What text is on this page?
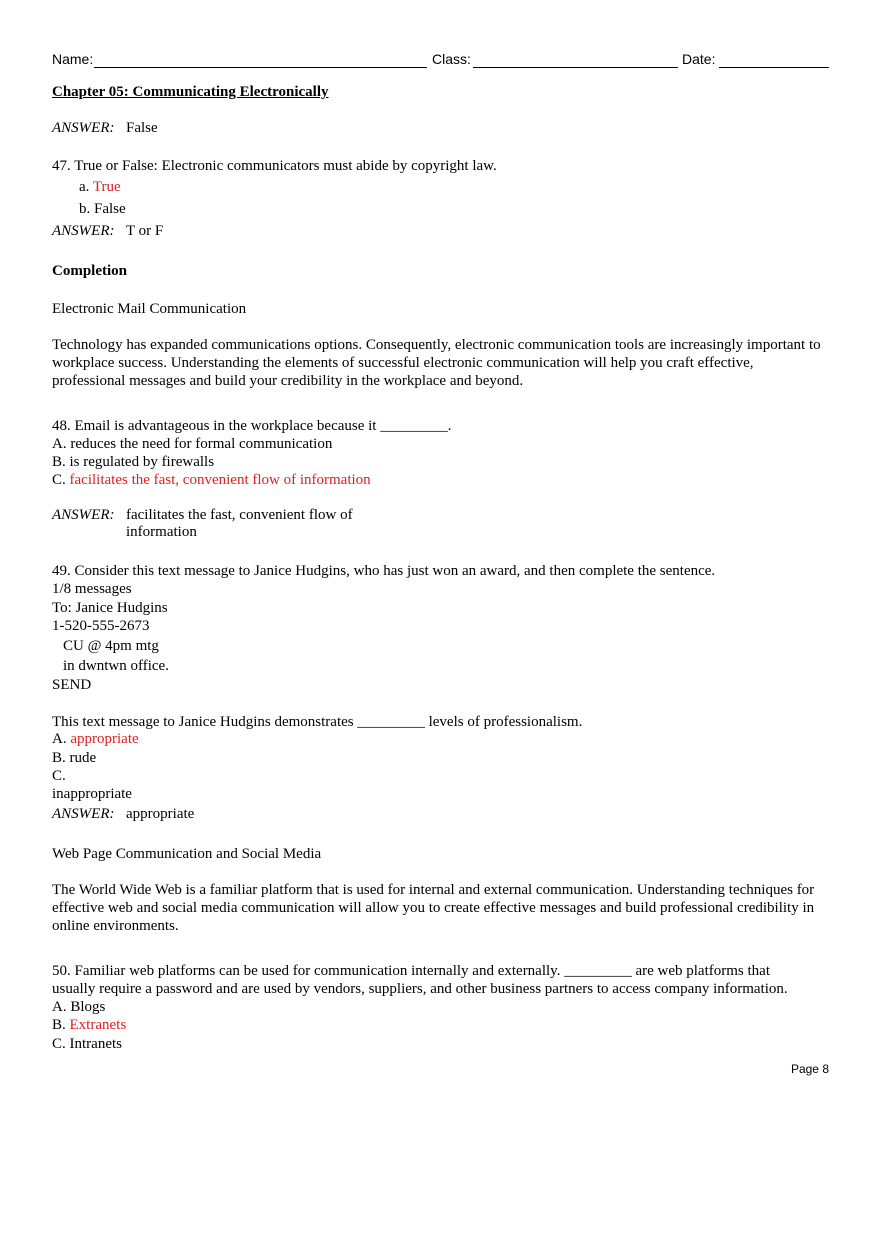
Name:	Class:	Date:
Chapter 05: Communicating Electronically
ANSWER: False
47. True or False: Electronic communicators must abide by copyright law.
a. True
b. False
ANSWER: T or F
Completion
Electronic Mail Communication
Technology has expanded communications options. Consequently, electronic communication tools are increasingly important to workplace success. Understanding the elements of successful electronic communication will help you craft effective, professional messages and build your credibility in the workplace and beyond.
48. Email is advantageous in the workplace because it _________.
A. reduces the need for formal communication
B. is regulated by firewalls
C. facilitates the fast, convenient flow of information
ANSWER: facilitates the fast, convenient flow of
information
49. Consider this text message to Janice Hudgins, who has just won an award, and then complete the sentence.
1/8 messages
To: Janice Hudgins
1-520-555-2673
CU @ 4pm mtg
in dwntwn office.
SEND
This text message to Janice Hudgins demonstrates _________ levels of professionalism.
A. appropriate
B. rude
C.
inappropriate
ANSWER: appropriate
Web Page Communication and Social Media
The World Wide Web is a familiar platform that is used for internal and external communication. Understanding techniques for effective web and social media communication will allow you to create effective messages and build professional credibility in online environments.
50. Familiar web platforms can be used for communication internally and externally. _________ are web platforms that
usually require a password and are used by vendors, suppliers, and other business partners to access company information.
A. Blogs
B. Extranets
C. Intranets
Page 8
